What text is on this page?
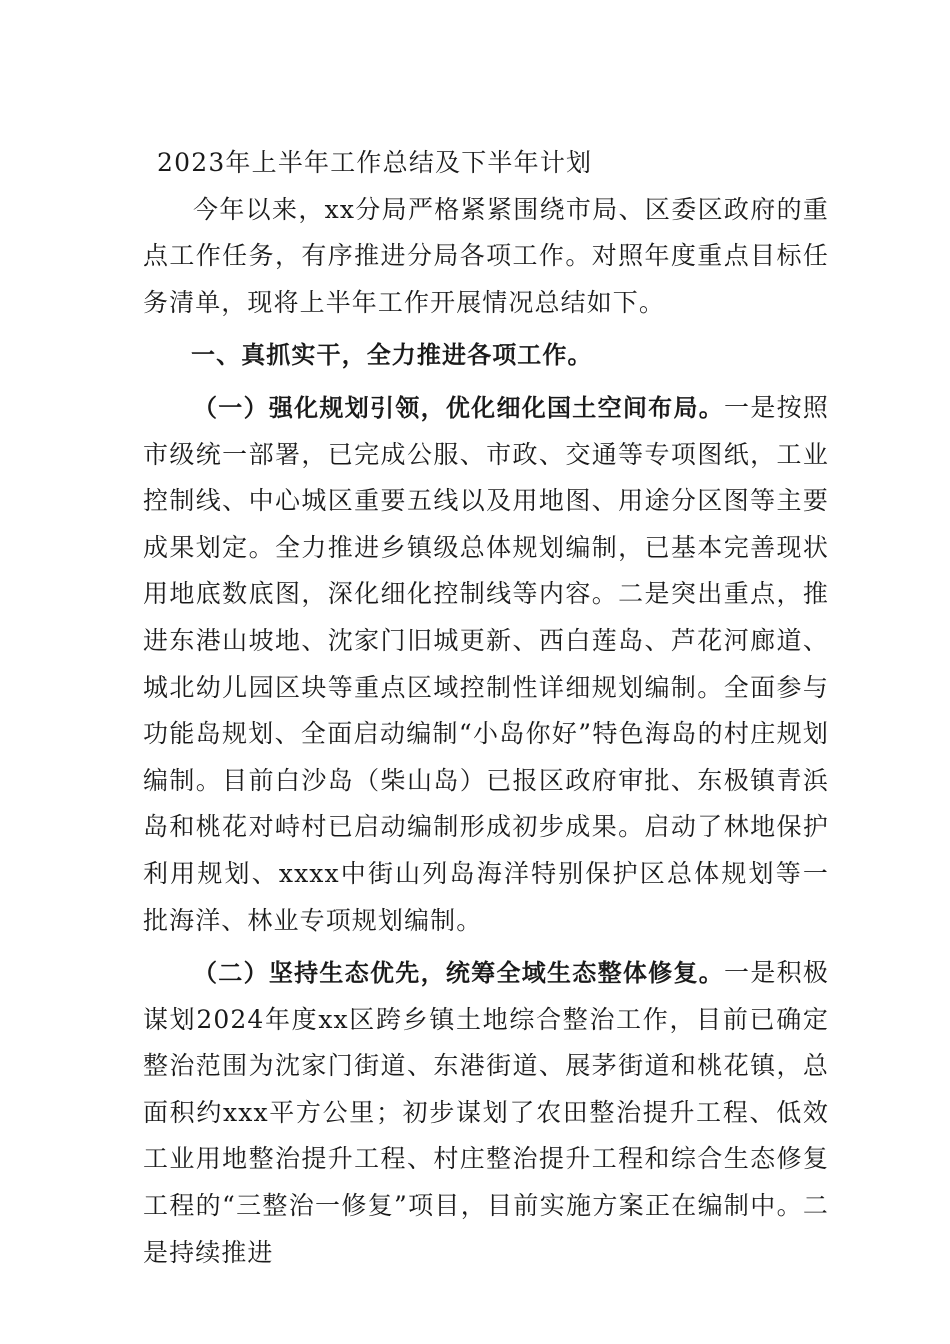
2023年上半年工作总结及下半年计划

今年以来，xx分局严格紧紧围绕市局、区委区政府的重点工作任务，有序推进分局各项工作。对照年度重点目标任务清单，现将上半年工作开展情况总结如下。

一、真抓实干，全力推进各项工作。

（一）强化规划引领，优化细化国土空间布局。一是按照市级统一部署，已完成公服、市政、交通等专项图纸，工业控制线、中心城区重要五线以及用地图、用途分区图等主要成果划定。全力推进乡镇级总体规划编制，已基本完善现状用地底数底图，深化细化控制线等内容。二是突出重点，推进东港山坡地、沈家门旧城更新、西白莲岛、芦花河廊道、城北幼儿园区块等重点区域控制性详细规划编制。全面参与功能岛规划、全面启动编制“小岛你好”特色海岛的村庄规划编制。目前白沙岛（柴山岛）已报区政府审批、东极镇青浜岛和桃花对峙村已启动编制形成初步成果。启动了林地保护利用规划、xxxx中街山列岛海洋特别保护区总体规划等一批海洋、林业专项规划编制。

（二）坚持生态优先，统筹全域生态整体修复。一是积极谋划2024年度xx区跨乡镇土地综合整治工作，目前已确定整治范围为沈家门街道、东港街道、展茅街道和桃花镇，总面积约xxx平方公里；初步谋划了农田整治提升工程、低效工业用地整治提升工程、村庄整治提升工程和综合生态修复工程的“三整治一修复”项目，目前实施方案正在编制中。二是持续推进
